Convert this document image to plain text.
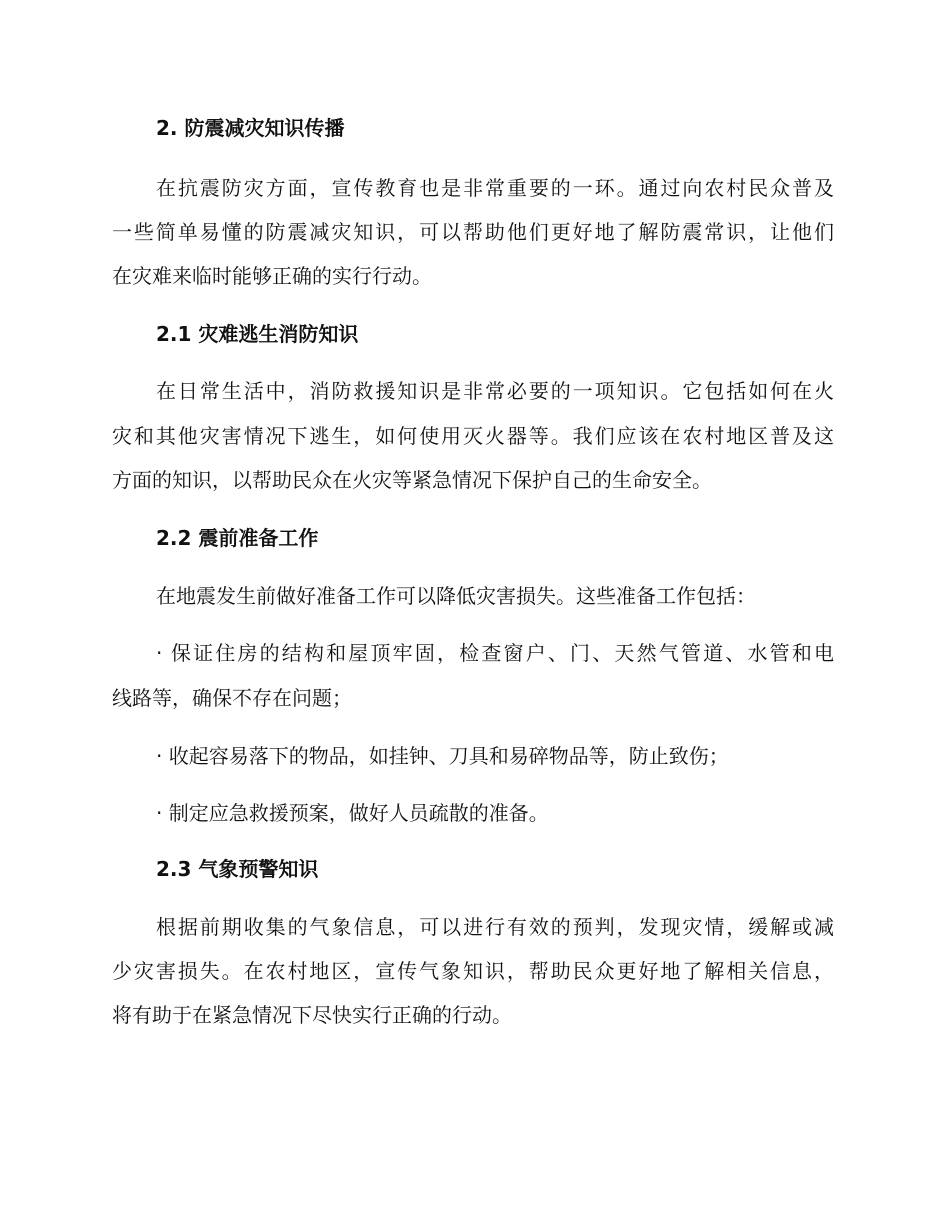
2. 防震减灾知识传播
在抗震防灾方面，宣传教育也是非常重要的一环。通过向农村民众普及
一些简单易懂的防震减灾知识，可以帮助他们更好地了解防震常识，让他们
在灾难来临时能够正确的实行行动。
2.1 灾难逃生消防知识
在日常生活中，消防救援知识是非常必要的一项知识。它包括如何在火
灾和其他灾害情况下逃生，如何使用灭火器等。我们应该在农村地区普及这
方面的知识，以帮助民众在火灾等紧急情况下保护自己的生命安全。
2.2 震前准备工作
在地震发生前做好准备工作可以降低灾害损失。这些准备工作包括：
· 保证住房的结构和屋顶牢固，检查窗户、门、天然气管道、水管和电
线路等，确保不存在问题；
· 收起容易落下的物品，如挂钟、刀具和易碎物品等，防止致伤；
· 制定应急救援预案，做好人员疏散的准备。
2.3 气象预警知识
根据前期收集的气象信息，可以进行有效的预判，发现灾情，缓解或减
少灾害损失。在农村地区，宣传气象知识，帮助民众更好地了解相关信息，
将有助于在紧急情况下尽快实行正确的行动。
